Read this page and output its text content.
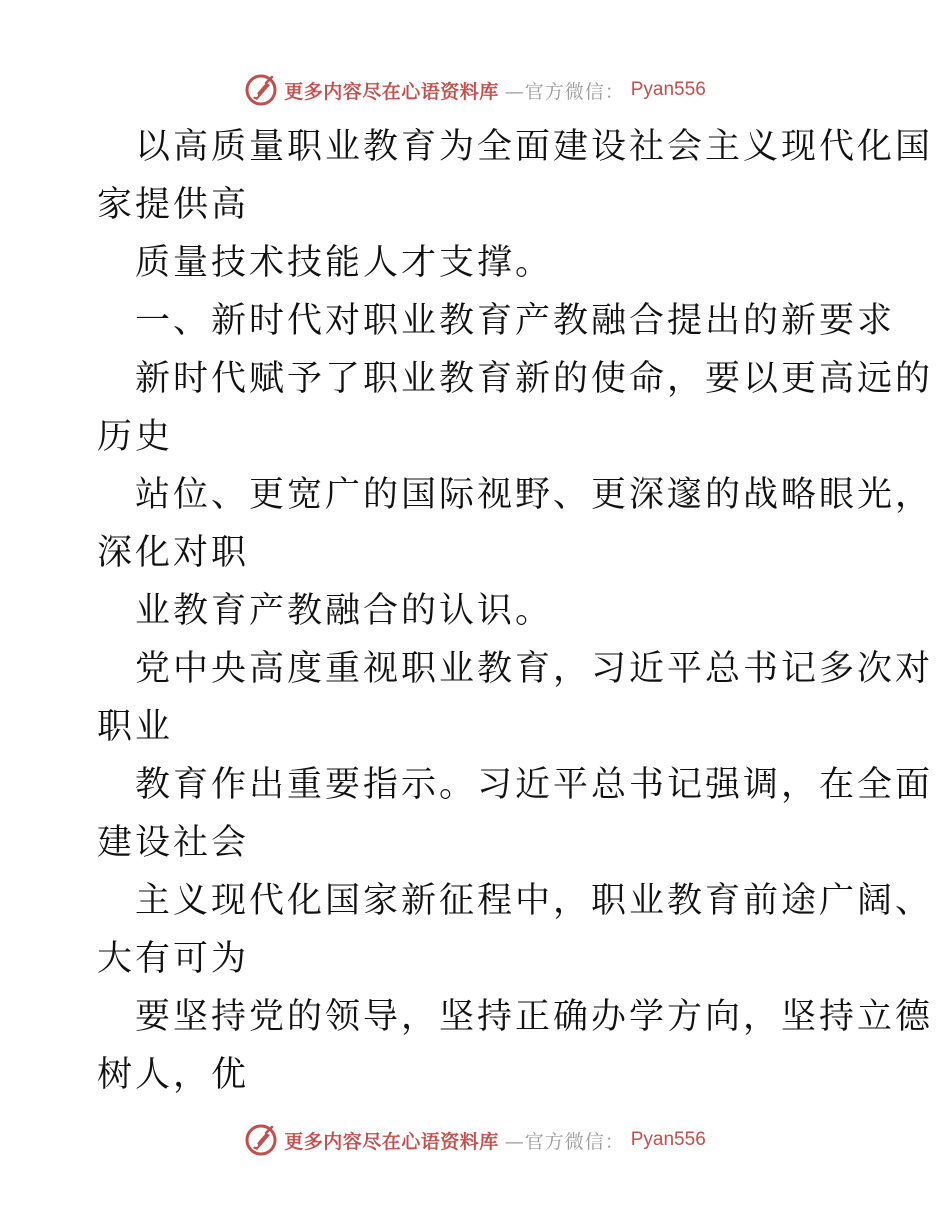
更多内容尽在心语资料库 —官方微信： Pyan556
以高质量职业教育为全面建设社会主义现代化国
家提供高
质量技术技能人才支撑。
一、新时代对职业教育产教融合提出的新要求
新时代赋予了职业教育新的使命，要以更高远的
历史
站位、更宽广的国际视野、更深邃的战略眼光，
深化对职
业教育产教融合的认识。
党中央高度重视职业教育，习近平总书记多次对
职业
教育作出重要指示。习近平总书记强调，在全面
建设社会
主义现代化国家新征程中，职业教育前途广阔、
大有可为
要坚持党的领导，坚持正确办学方向，坚持立德
树人，优
更多内容尽在心语资料库 —官方微信： Pyan556
